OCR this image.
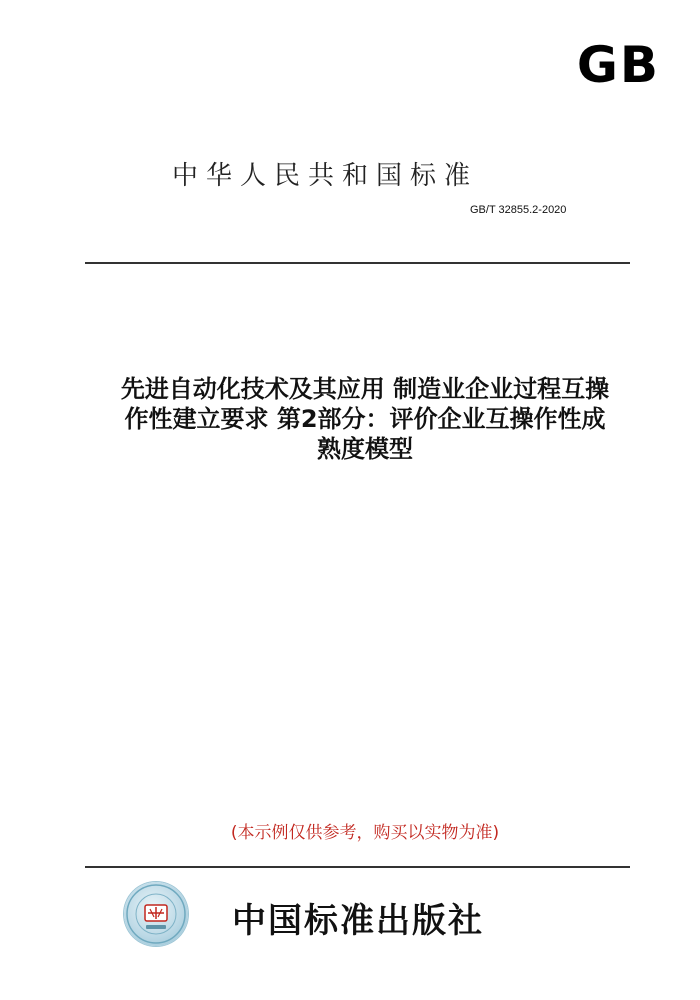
GB
中华人民共和国标准
GB/T 32855.2-2020
先进自动化技术及其应用 制造业企业过程互操
作性建立要求 第2部分：评价企业互操作性成
熟度模型
(本示例仅供参考，购买以实物为准)
中国标准出版社
